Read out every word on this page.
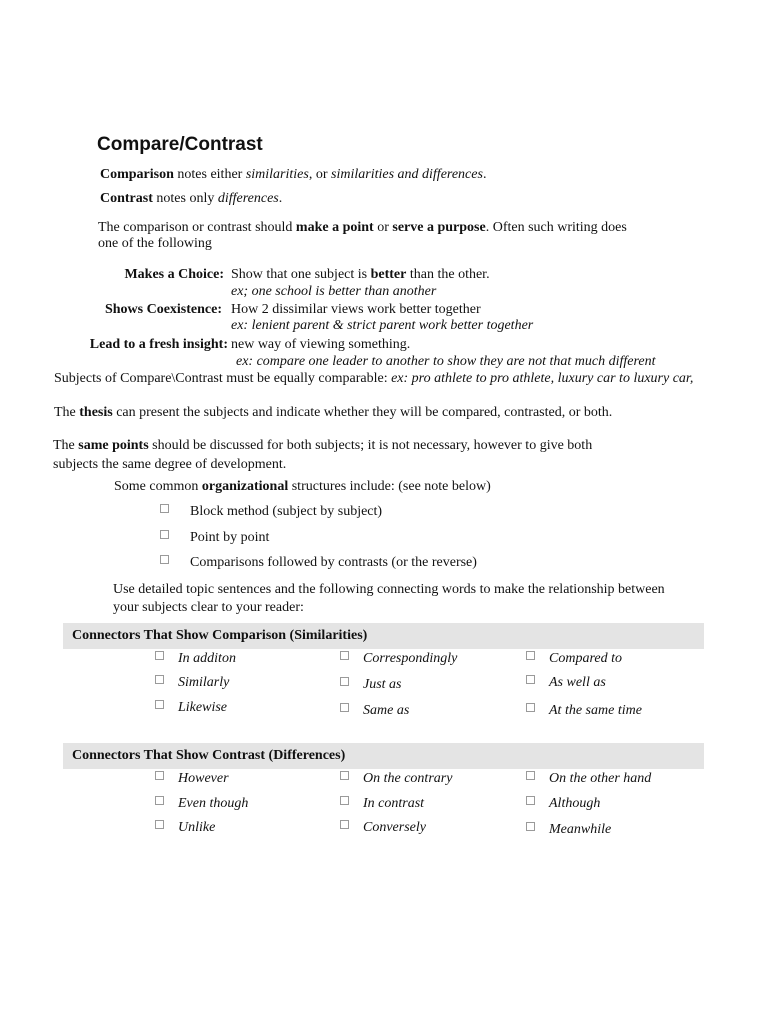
Compare/Contrast
Comparison notes either similarities, or similarities and differences.
Contrast notes only differences.
The comparison or contrast should make a point or serve a purpose. Often such writing does
one of the following
Makes a Choice: Show that one subject is better than the other.
ex; one school is better than another
Shows Coexistence: How 2 dissimilar views work better together
ex: lenient parent & strict parent work better together
Lead to a fresh insight: new way of viewing something.
ex: compare one leader to another to show they are not that much different
Subjects of Compare\Contrast must be equally comparable: ex: pro athlete to pro athlete, luxury car to luxury car,
The thesis can present the subjects and indicate whether they will be compared, contrasted, or both.
The same points should be discussed for both subjects; it is not necessary, however to give both
subjects the same degree of development.
Some common organizational structures include: (see note below)
Block method (subject by subject)
Point by point
Comparisons followed by contrasts (or the reverse)
Use detailed topic sentences and the following connecting words to make the relationship between
your subjects clear to your reader:
Connectors That Show Comparison (Similarities)
In additon	Correspondingly	Compared to
Similarly	Just as	As well as
Likewise	Same as	At the same time
Connectors That Show Contrast (Differences)
However	On the contrary	On the other hand
Even though	In contrast	Although
Unlike	Conversely	Meanwhile
